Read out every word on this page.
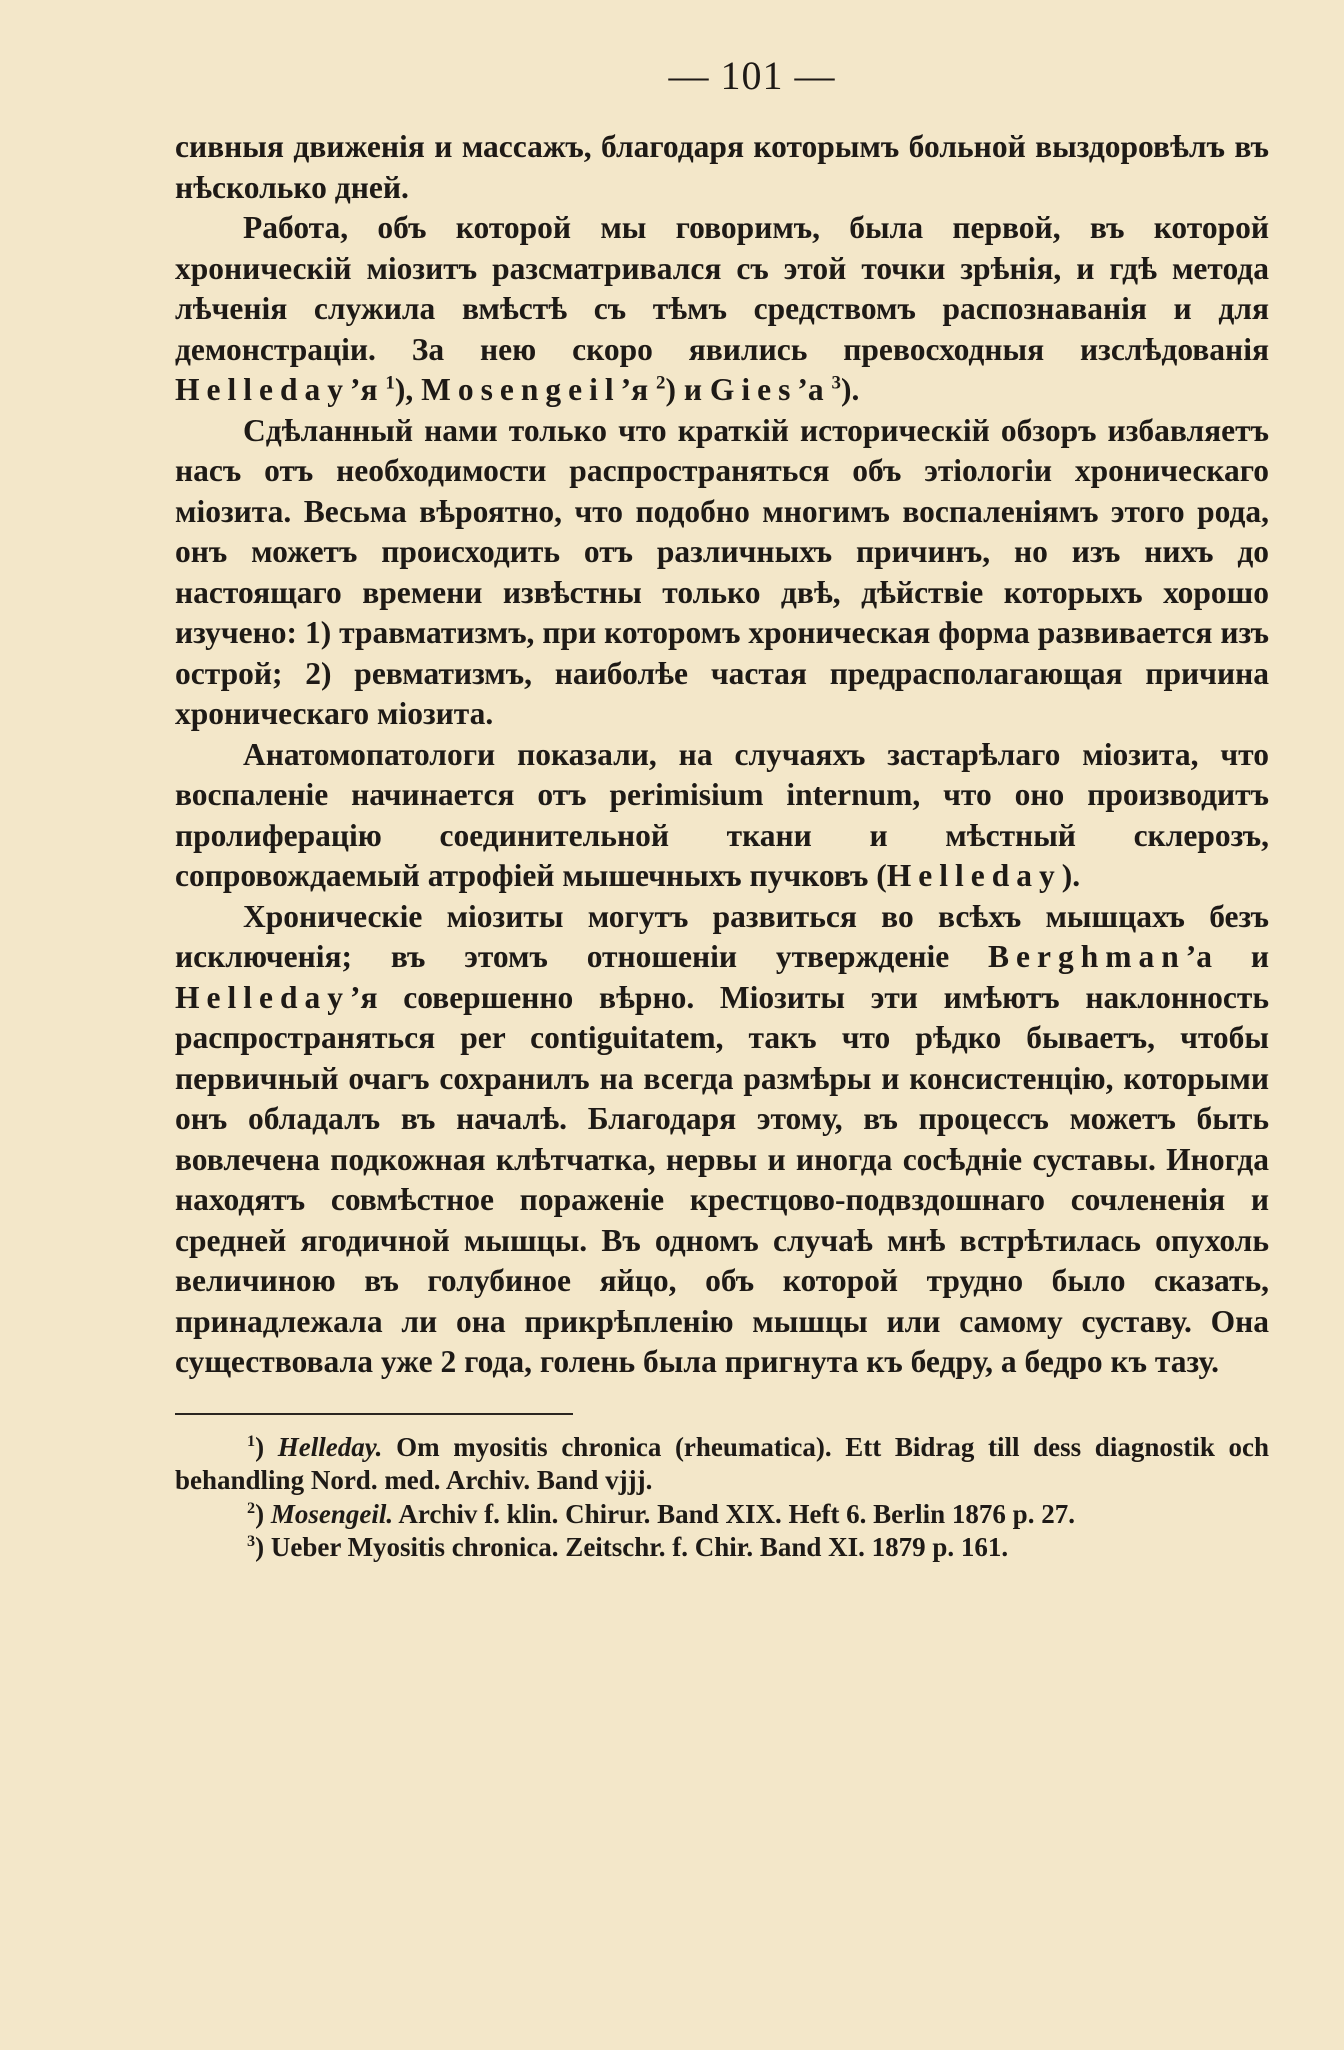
— 101 —

сивныя движенія и массажъ, благодаря которымъ больной выздоровѣлъ въ нѣсколько дней.

Работа, объ которой мы говоримъ, была первой, въ которой хроническій міозитъ разсматривался съ этой точки зрѣнія, и гдѣ метода лѣченія служила вмѣстѣ съ тѣмъ средствомъ распознаванія и для демонстраціи. За нею скоро явились превосходныя изслѣдованія Helleday’я $^1$), Mosengeil’я $^2$) и Gies’а $^3$).

Сдѣланный нами только что краткій историческій обзоръ избавляетъ насъ отъ необходимости распространяться объ этіологіи хроническаго міозита. Весьма вѣроятно, что подобно многимъ воспаленіямъ этого рода, онъ можетъ происходить отъ различныхъ причинъ, но изъ нихъ до настоящаго времени извѣстны только двѣ, дѣйствіе которыхъ хорошо изучено: 1) травматизмъ, при которомъ хроническая форма развивается изъ острой; 2) ревматизмъ, наиболѣе частая предрасполагающая причина хроническаго міозита.

Анатомопатологи показали, на случаяхъ застарѣлаго міозита, что воспаленіе начинается отъ perimisium internum, что оно производитъ пролиферацію соединительной ткани и мѣстный склерозъ, сопровождаемый атрофіей мышечныхъ пучковъ (Helleday).

Хроническіе міозиты могутъ развиться во всѣхъ мышцахъ безъ исключенія; въ этомъ отношеніи утвержденіе Berghman’а и Helleday’я совершенно вѣрно. Міозиты эти имѣютъ наклонность распространяться per contiguitatem, такъ что рѣдко бываетъ, чтобы первичный очагъ сохранилъ на всегда размѣры и консистенцію, которыми онъ обладалъ въ началѣ. Благодаря этому, въ процессъ можетъ быть вовлечена подкожная клѣтчатка, нервы и иногда сосѣдніе суставы. Иногда находятъ совмѣстное пораженіе крестцово-подвздошнаго сочлененія и средней ягодичной мышцы. Въ одномъ случаѣ мнѣ встрѣтилась опухоль величиною въ голубиное яйцо, объ которой трудно было сказать, принадлежала ли она прикрѣпленію мышцы или самому суставу. Она существовала уже 2 года, голень была пригнута къ бедру, а бедро къ тазу.

$^1$) Helleday. Om myositis chronica (rheumatica). Ett Bidrag till dess diagnostik och behandling Nord. med. Archiv. Band vjjj.

$^2$) Mosengeil. Archiv f. klin. Chirur. Band XIX. Heft 6. Berlin 1876 p. 27.

$^3$) Ueber Myositis chronica. Zeitschr. f. Chir. Band XI. 1879 p. 161.
